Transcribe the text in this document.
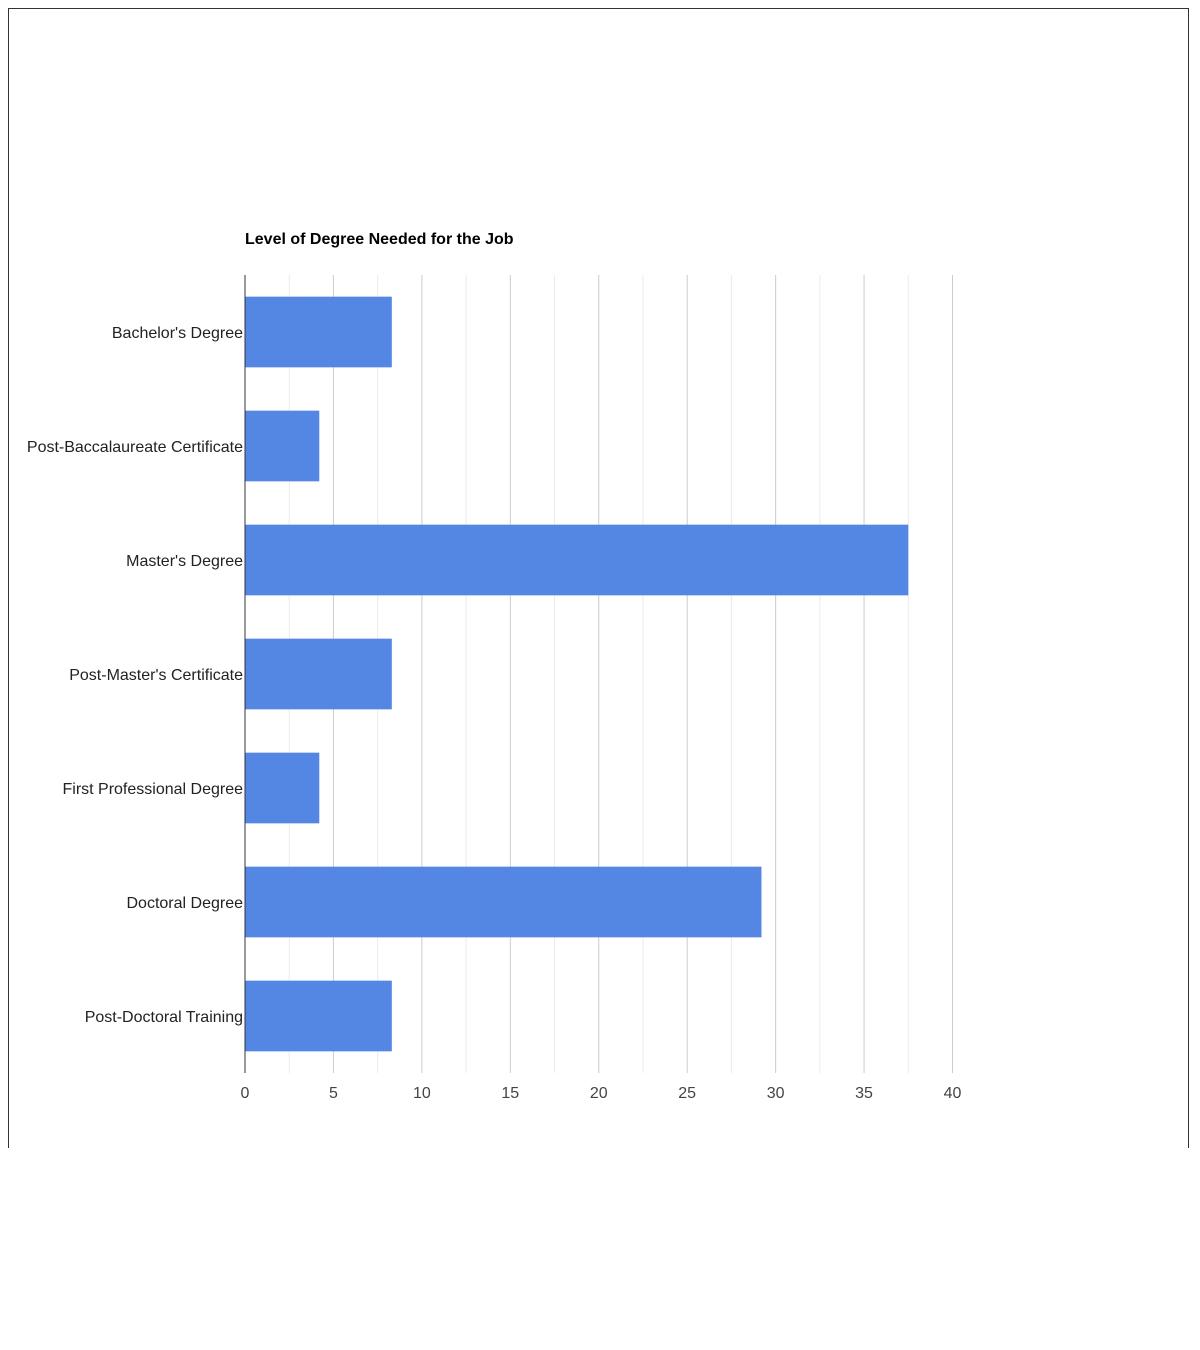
Level of Degree Needed for the Job
Bachelor's Degree
Post-Baccalaureate Certificate
Master's Degree
Post-Master's Certificate
First Professional Degree
Doctoral Degree
Post-Doctoral Training
0	5	10	15	20	25	30	35	40
